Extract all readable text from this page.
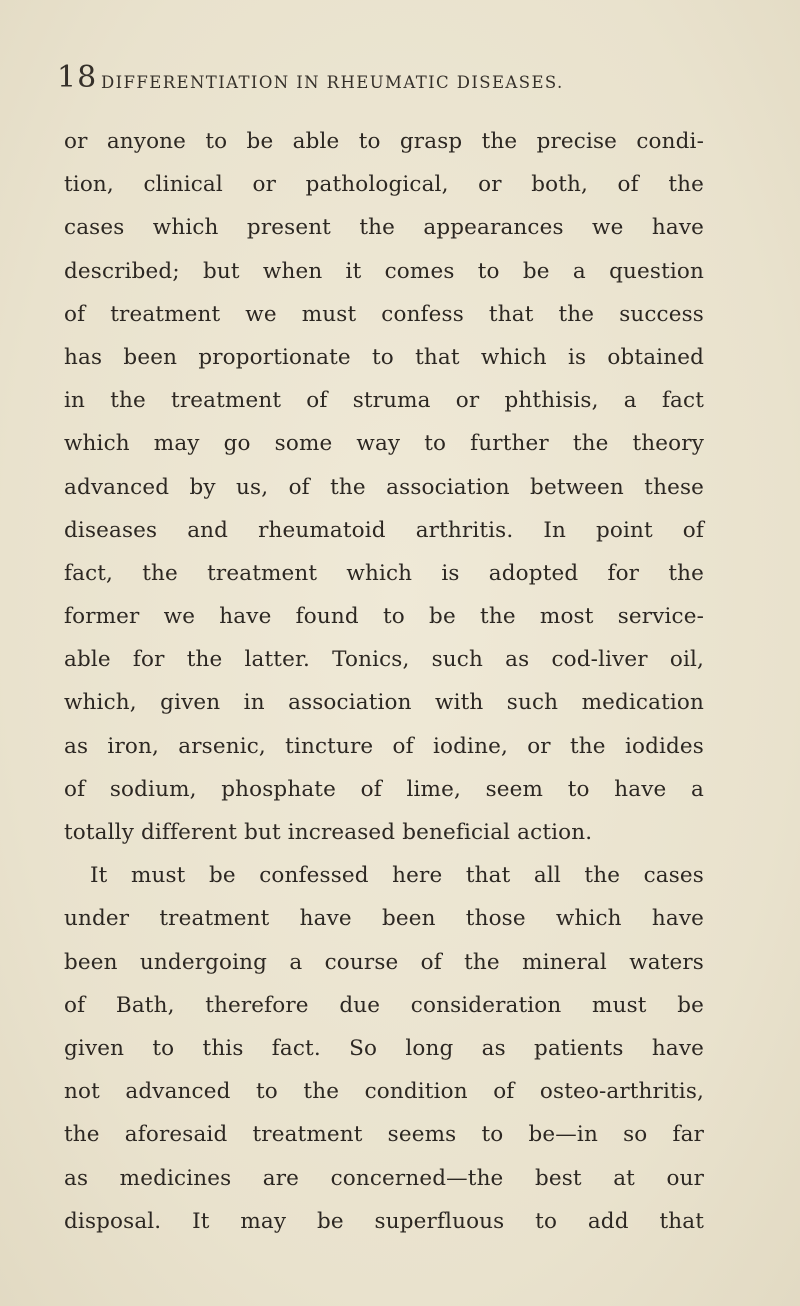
18 DIFFERENTIATION IN RHEUMATIC DISEASES.
or anyone to be able to grasp the precise condi-
tion, clinical or pathological, or both, of the
cases which present the appearances we have
described; but when it comes to be a question
of treatment we must confess that the success
has been proportionate to that which is obtained
in the treatment of struma or phthisis, a fact
which may go some way to further the theory
advanced by us, of the association between these
diseases and rheumatoid arthritis. In point of
fact, the treatment which is adopted for the
former we have found to be the most service-
able for the latter. Tonics, such as cod-liver oil,
which, given in association with such medication
as iron, arsenic, tincture of iodine, or the iodides
of sodium, phosphate of lime, seem to have a
totally different but increased beneficial action.
It must be confessed here that all the cases
under treatment have been those which have
been undergoing a course of the mineral waters
of Bath, therefore due consideration must be
given to this fact. So long as patients have
not advanced to the condition of osteo-arthritis,
the aforesaid treatment seems to be—in so far
as medicines are concerned—the best at our
disposal. It may be superfluous to add that
